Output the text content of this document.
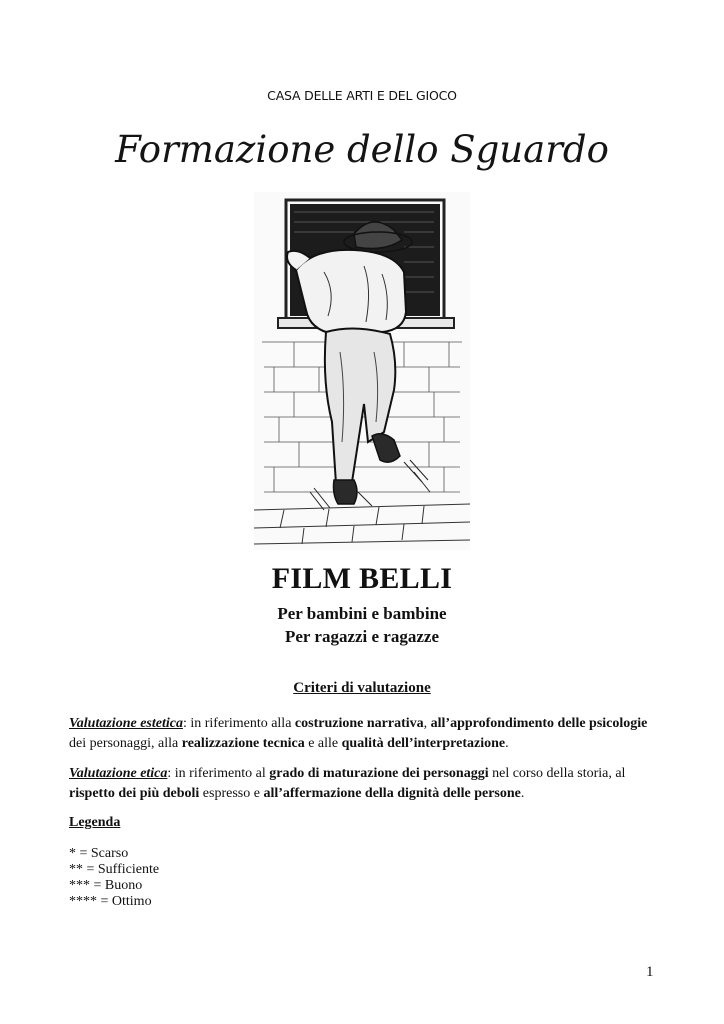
CASA DELLE ARTI E DEL GIOCO
Formazione dello Sguardo
FILM BELLI
Per bambini e bambine
Per ragazzi e ragazze
Criteri di valutazione
Valutazione estetica: in riferimento alla costruzione narrativa, all’approfondimento delle psicologie dei personaggi, alla realizzazione tecnica e alle qualità dell’interpretazione.
Valutazione etica: in riferimento al grado di maturazione dei personaggi nel corso della storia, al rispetto dei più deboli espresso e all’affermazione della dignità delle persone.
Legenda
* = Scarso
** = Sufficiente
*** = Buono
**** = Ottimo
1
